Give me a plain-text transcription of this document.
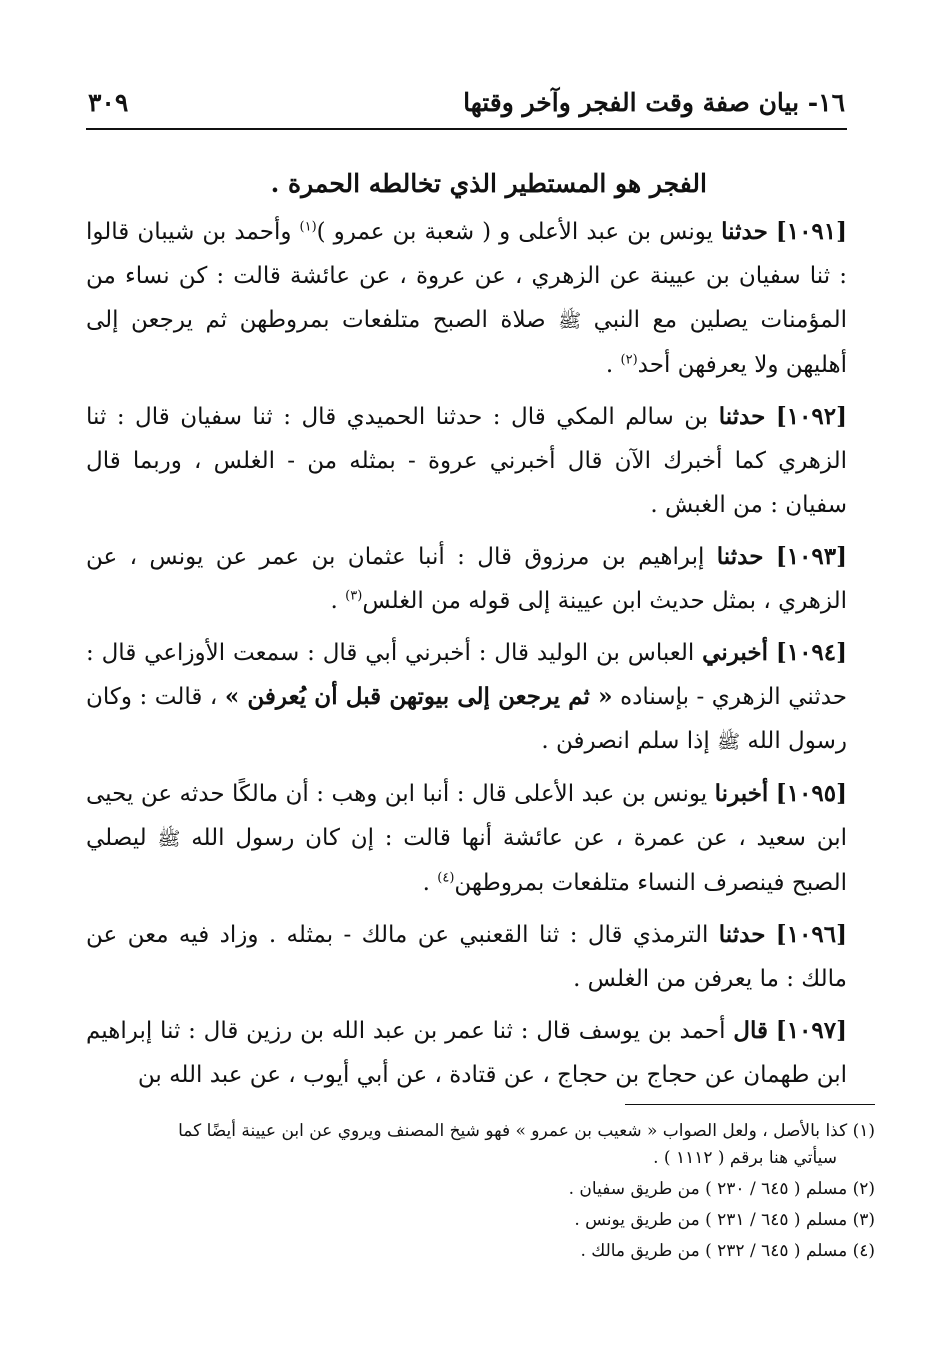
١٦- بيان صفة وقت الفجر وآخر وقتها
٣٠٩

الفجر هو المستطير الذي تخالطه الحمرة .

[١٠٩١] حدثنا يونس بن عبد الأعلى و ( شعبة بن عمرو )$^{(١)}$ وأحمد بن شيبان قالوا : ثنا سفيان بن عيينة عن الزهري ، عن عروة ، عن عائشة قالت : كن نساء من المؤمنات يصلين مع النبي ﷺ صلاة الصبح متلفعات بمروطهن ثم يرجعن إلى أهليهن ولا يعرفهن أحد$^{(٢)}$ .

[١٠٩٢] حدثنا بن سالم المكي قال : حدثنا الحميدي قال : ثنا سفيان قال : ثنا الزهري كما أخبرك الآن قال أخبرني عروة - بمثله من - الغلس ، وربما قال سفيان : من الغبش .

[١٠٩٣] حدثنا إبراهيم بن مرزوق قال : أنبا عثمان بن عمر عن يونس ، عن الزهري ، بمثل حديث ابن عيينة إلى قوله من الغلس$^{(٣)}$ .

[١٠٩٤] أخبرني العباس بن الوليد قال : أخبرني أبي قال : سمعت الأوزاعي قال : حدثني الزهري - بإسناده « ثم يرجعن إلى بيوتهن قبل أن يُعرفن » ، قالت : وكان رسول الله ﷺ إذا سلم انصرفن .

[١٠٩٥] أخبرنا يونس بن عبد الأعلى قال : أنبا ابن وهب : أن مالكًا حدثه عن يحيى ابن سعيد ، عن عمرة ، عن عائشة أنها قالت : إن كان رسول الله ﷺ ليصلي الصبح فينصرف النساء متلفعات بمروطهن$^{(٤)}$ .

[١٠٩٦] حدثنا الترمذي قال : ثنا القعنبي عن مالك - بمثله . وزاد فيه معن عن مالك : ما يعرفن من الغلس .

[١٠٩٧] قال أحمد بن يوسف قال : ثنا عمر بن عبد الله بن رزين قال : ثنا إبراهيم ابن طهمان عن حجاج بن حجاج ، عن قتادة ، عن أبي أيوب ، عن عبد الله بن

(١) كذا بالأصل ، ولعل الصواب « شعيب بن عمرو » فهو شيخ المصنف ويروي عن ابن عيينة أيضًا كما
سيأتي هنا برقم ( ١١١٢ ) .

(٢) مسلم ( ٦٤٥ / ٢٣٠ ) من طريق سفيان .

(٣) مسلم ( ٦٤٥ / ٢٣١ ) من طريق يونس .

(٤) مسلم ( ٦٤٥ / ٢٣٢ ) من طريق مالك .
